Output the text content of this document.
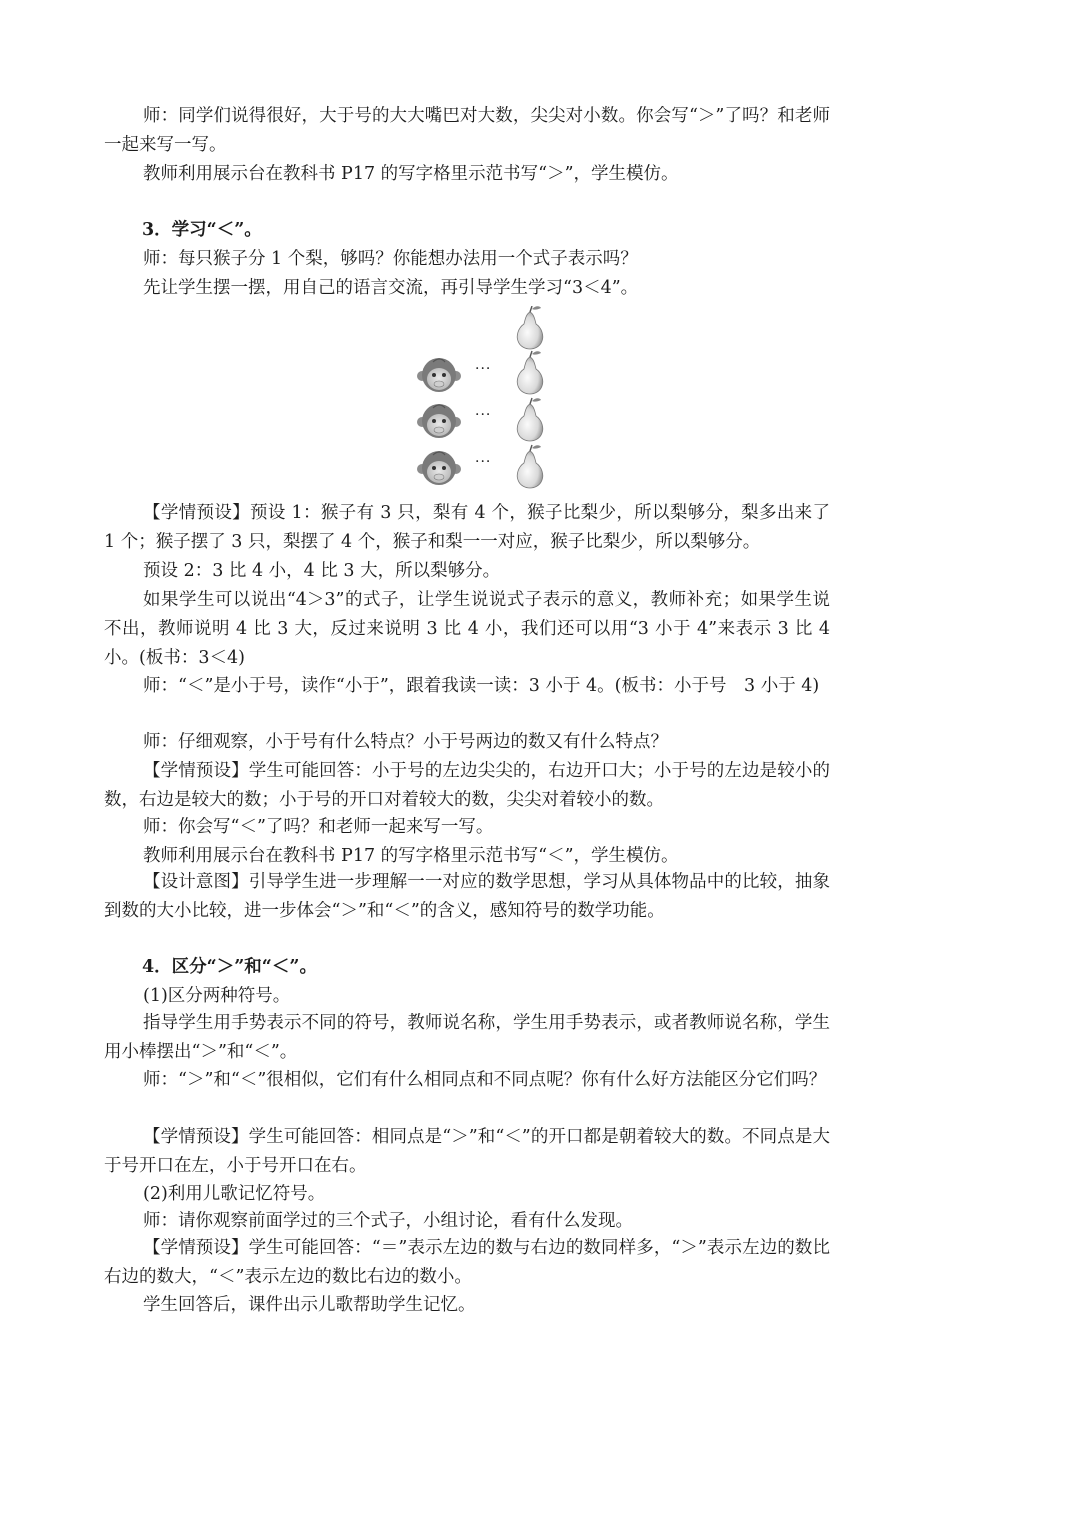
师：同学们说得很好，大于号的大大嘴巴对大数，尖尖对小数。你会写“＞”了吗？和老师一起来写一写。

教师利用展示台在教科书 P17 的写字格里示范书写“＞”，学生模仿。

3．学习“＜”。

师：每只猴子分 1 个梨，够吗？你能想办法用一个式子表示吗？

先让学生摆一摆，用自己的语言交流，再引导学生学习“3＜4”。

···
···
···

【学情预设】预设 1：猴子有 3 只，梨有 4 个，猴子比梨少，所以梨够分，梨多出来了 1 个；猴子摆了 3 只，梨摆了 4 个，猴子和梨一一对应，猴子比梨少，所以梨够分。

预设 2：3 比 4 小，4 比 3 大，所以梨够分。

如果学生可以说出“4＞3”的式子，让学生说说式子表示的意义，教师补充；如果学生说不出，教师说明 4 比 3 大，反过来说明 3 比 4 小，我们还可以用“3 小于 4”来表示 3 比 4 小。(板书：3＜4)

师：“＜”是小于号，读作“小于”，跟着我读一读：3 小于 4。(板书：小于号　3 小于 4)

师：仔细观察，小于号有什么特点？小于号两边的数又有什么特点？

【学情预设】学生可能回答：小于号的左边尖尖的，右边开口大；小于号的左边是较小的数，右边是较大的数；小于号的开口对着较大的数，尖尖对着较小的数。

师：你会写“＜”了吗？和老师一起来写一写。

教师利用展示台在教科书 P17 的写字格里示范书写“＜”，学生模仿。

【设计意图】引导学生进一步理解一一对应的数学思想，学习从具体物品中的比较，抽象到数的大小比较，进一步体会“＞”和“＜”的含义，感知符号的数学功能。

4．区分“＞”和“＜”。

(1)区分两种符号。

指导学生用手势表示不同的符号，教师说名称，学生用手势表示，或者教师说名称，学生用小棒摆出“＞”和“＜”。

师：“＞”和“＜”很相似，它们有什么相同点和不同点呢？你有什么好方法能区分它们吗？

【学情预设】学生可能回答：相同点是“＞”和“＜”的开口都是朝着较大的数。不同点是大于号开口在左，小于号开口在右。

(2)利用儿歌记忆符号。

师：请你观察前面学过的三个式子，小组讨论，看有什么发现。

【学情预设】学生可能回答：“＝”表示左边的数与右边的数同样多，“＞”表示左边的数比右边的数大，“＜”表示左边的数比右边的数小。

学生回答后，课件出示儿歌帮助学生记忆。
